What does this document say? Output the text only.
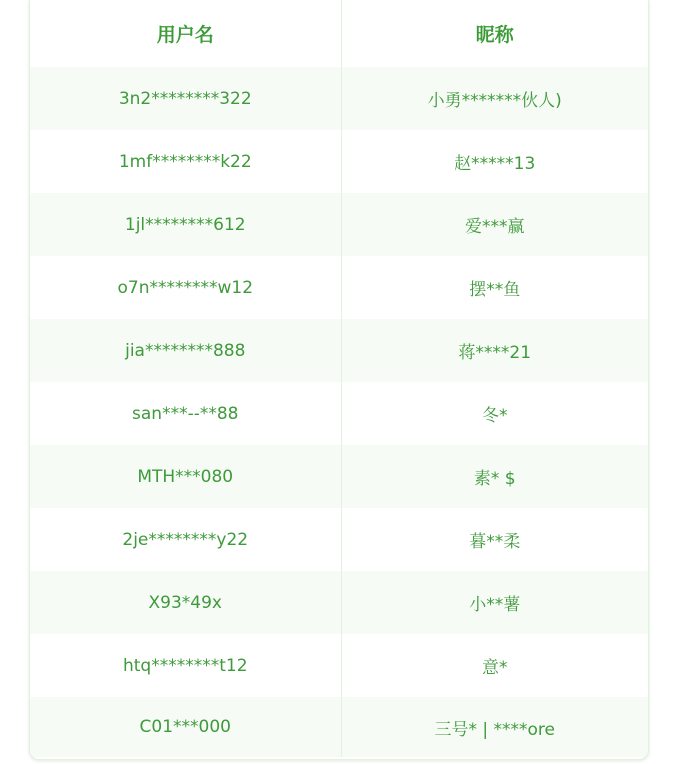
用户名	昵称
3n2********322	小勇*******伙人)
1mf********k22	赵*****13
1jl********612	爱***赢
o7n********w12	摆**鱼
jia********888	蒋****21
san***--**88	冬*
MTH***080	素* $
2je********y22	暮**柔
X93*49x	小**薯
htq********t12	意*
C01***000	三号* | ****ore
